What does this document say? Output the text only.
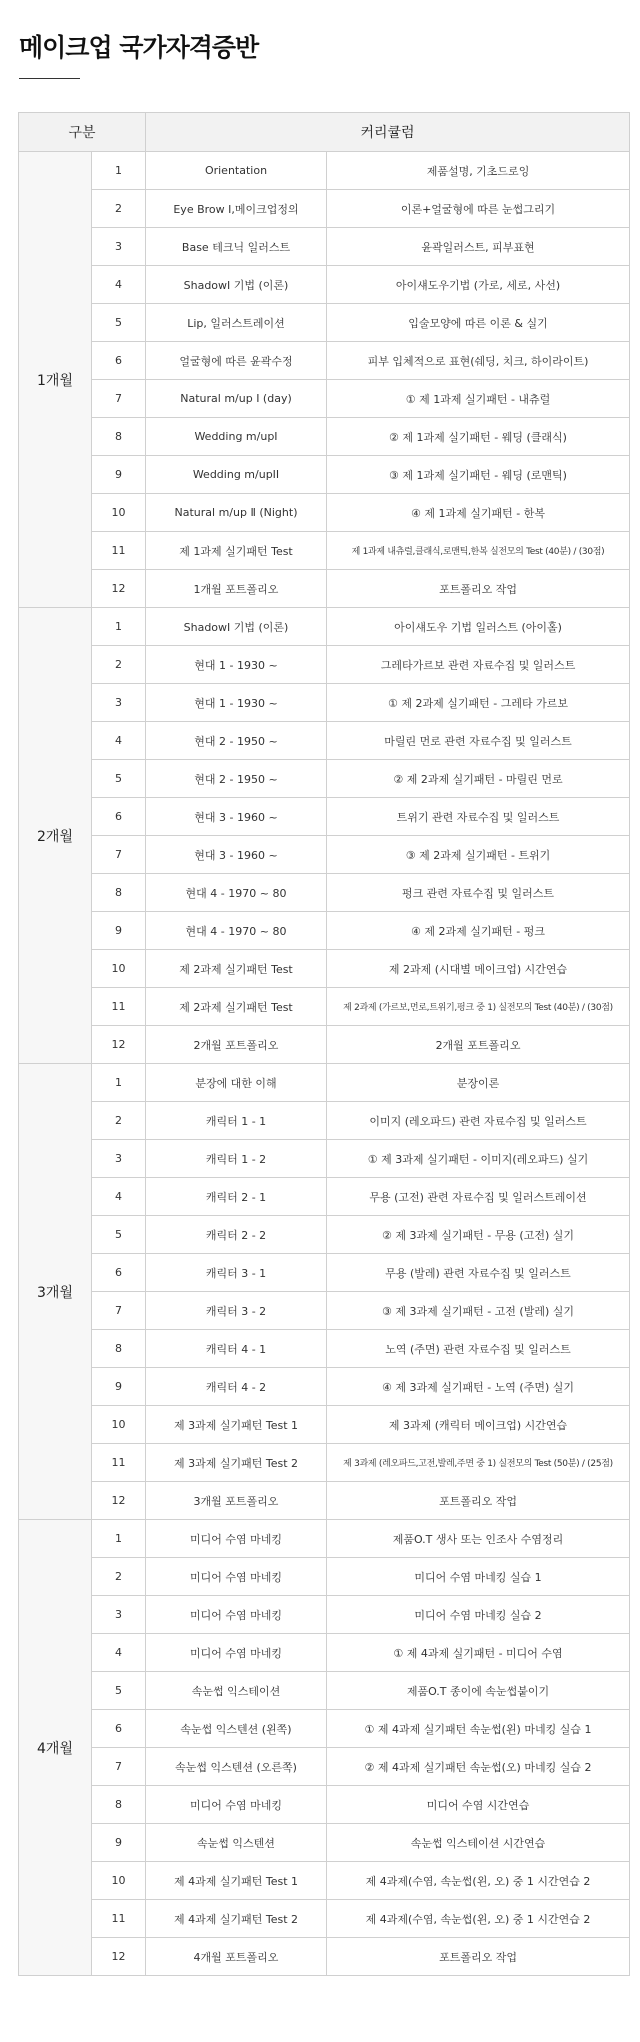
메이크업 국가자격증반
구분		커리큘럼	
1개월	1	Orientation	제품설명, 기초드로잉
	2	Eye Brow I,메이크업정의	이론+얼굴형에 따른 눈썹그리기
	3	Base 테크닉 일러스트	윤곽일러스트, 피부표현
	4	ShadowI 기법 (이론)	아이섀도우기법 (가로, 세로, 사선)
	5	Lip, 일러스트레이션	입술모양에 따른 이론 & 실기
	6	얼굴형에 따른 윤곽수정	피부 입체적으로 표현(쉐딩, 치크, 하이라이트)
	7	Natural m/up I (day)	① 제 1과제 실기패턴 - 내츄럴
	8	Wedding m/upI	② 제 1과제 실기패턴 - 웨딩 (클래식)
	9	Wedding m/upII	③ 제 1과제 실기패턴 - 웨딩 (로맨틱)
	10	Natural m/up Ⅱ (Night)	④ 제 1과제 실기패턴 - 한복
	11	제 1과제 실기패턴 Test	제 1과제 내츄럴,클래식,로맨틱,한복 실전모의 Test (40분) / (30점)
	12	1개월 포트폴리오	포트폴리오 작업
2개월	1	ShadowI 기법 (이론)	아이섀도우 기법 일러스트 (아이홀)
	2	현대 1 - 1930 ~	그레타가르보 관련 자료수집 및 일러스트
	3	현대 1 - 1930 ~	① 제 2과제 실기패턴 - 그레타 가르보
	4	현대 2 - 1950 ~	마릴린 먼로 관련 자료수집 및 일러스트
	5	현대 2 - 1950 ~	② 제 2과제 실기패턴 - 마릴린 먼로
	6	현대 3 - 1960 ~	트위기 관련 자료수집 및 일러스트
	7	현대 3 - 1960 ~	③ 제 2과제 실기패턴 - 트위기
	8	현대 4 - 1970 ~ 80	펑크 관련 자료수집 및 일러스트
	9	현대 4 - 1970 ~ 80	④ 제 2과제 실기패턴 - 펑크
	10	제 2과제 실기패턴 Test	제 2과제 (시대별 메이크업) 시간연습
	11	제 2과제 실기패턴 Test	제 2과제 (가르보,먼로,트위기,펑크 중 1) 실전모의 Test (40분) / (30점)
	12	2개월 포트폴리오	2개월 포트폴리오
3개월	1	분장에 대한 이해	분장이론
	2	캐릭터 1 - 1	이미지 (레오파드) 관련 자료수집 및 일러스트
	3	캐릭터 1 - 2	① 제 3과제 실기패턴 - 이미지(레오파드) 실기
	4	캐릭터 2 - 1	무용 (고전) 관련 자료수집 및 일러스트레이션
	5	캐릭터 2 - 2	② 제 3과제 실기패턴 - 무용 (고전) 실기
	6	캐릭터 3 - 1	무용 (발레) 관련 자료수집 및 일러스트
	7	캐릭터 3 - 2	③ 제 3과제 실기패턴 - 고전 (발레) 실기
	8	캐릭터 4 - 1	노역 (주면) 관련 자료수집 및 일러스트
	9	캐릭터 4 - 2	④ 제 3과제 실기패턴 - 노역 (주면) 실기
	10	제 3과제 실기패턴 Test 1	제 3과제 (캐릭터 메이크업) 시간연습
	11	제 3과제 실기패턴 Test 2	제 3과제 (레오파드,고전,발레,주면 중 1) 실전모의 Test (50분) / (25점)
	12	3개월 포트폴리오	포트폴리오 작업
4개월	1	미디어 수염 마네킹	제품O.T 생사 또는 인조사 수염정리
	2	미디어 수염 마네킹	미디어 수염 마네킹 실습 1
	3	미디어 수염 마네킹	미디어 수염 마네킹 실습 2
	4	미디어 수염 마네킹	① 제 4과제 실기패턴 - 미디어 수염
	5	속눈썹 익스테이션	제품O.T 종이에 속눈썹붙이기
	6	속눈썹 익스텐션 (왼쪽)	① 제 4과제 실기패턴 속눈썹(왼) 마네킹 실습 1
	7	속눈썹 익스텐션 (오른쪽)	② 제 4과제 실기패턴 속눈썹(오) 마네킹 실습 2
	8	미디어 수염 마네킹	미디어 수염 시간연습
	9	속눈썹 익스텐션	속눈썹 익스테이션 시간연습
	10	제 4과제 실기패턴 Test 1	제 4과제(수염, 속눈썹(왼, 오) 중 1 시간연습 2
	11	제 4과제 실기패턴 Test 2	제 4과제(수염, 속눈썹(왼, 오) 중 1 시간연습 2
	12	4개월 포트폴리오	포트폴리오 작업
